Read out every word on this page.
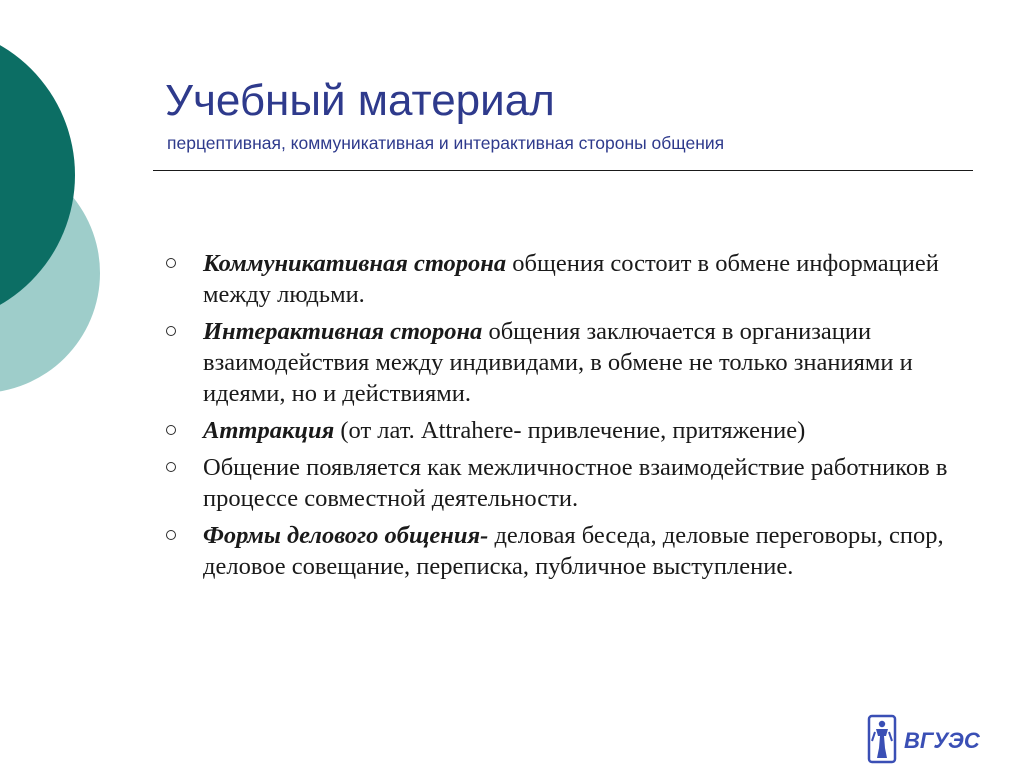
Учебный материал
перцептивная, коммуникативная и интерактивная стороны общения
Коммуникативная сторона общения состоит в обмене информацией между людьми.
Интерактивная сторона общения заключается в организации взаимодействия между индивидами, в обмене не только знаниями и идеями, но и действиями.
Аттракция (от лат. Attrahere- привлечение, притяжение)
Общение появляется как межличностное взаимодействие работников в процессе совместной деятельности.
Формы делового общения- деловая беседа, деловые переговоры, спор, деловое совещание, переписка, публичное выступление.
ВГУЭС
